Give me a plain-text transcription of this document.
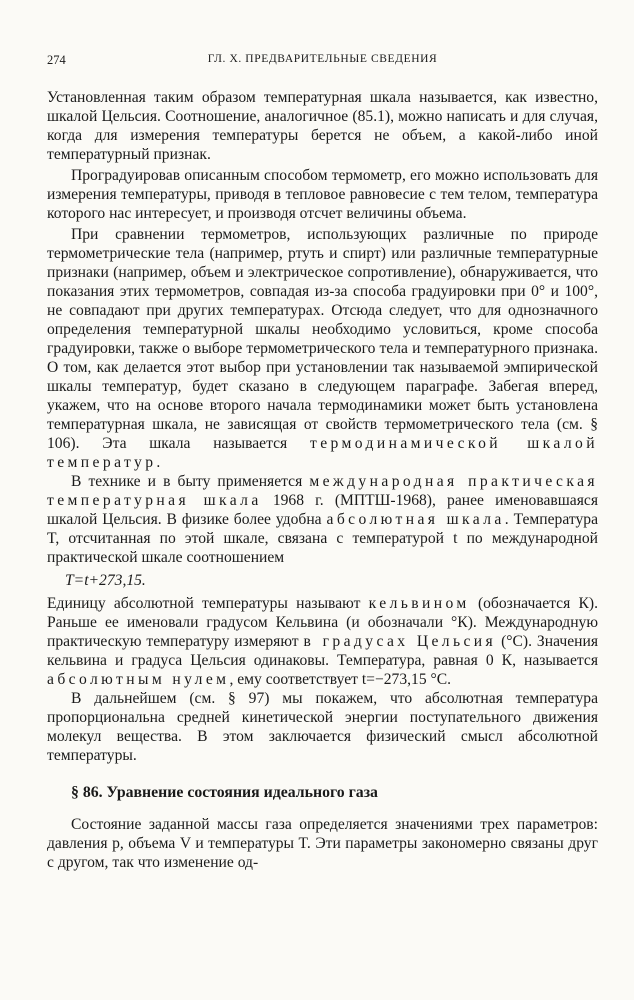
274	ГЛ. X. ПРЕДВАРИТЕЛЬНЫЕ СВЕДЕНИЯ

Установленная таким образом температурная шкала называется, как известно, шкалой Цельсия. Соотношение, аналогичное (85.1), можно написать и для случая, когда для измерения температуры берется не объем, а какой-либо иной температурный признак.

Проградуировав описанным способом термометр, его можно использовать для измерения температуры, приводя в тепловое равновесие с тем телом, температура которого нас интересует, и производя отсчет величины объема.

При сравнении термометров, использующих различные по природе термометрические тела (например, ртуть и спирт) или различные температурные признаки (например, объем и электрическое сопротивление), обнаруживается, что показания этих термометров, совпадая из-за способа градуировки при 0° и 100°, не совпадают при других температурах. Отсюда следует, что для однозначного определения температурной шкалы необходимо условиться, кроме способа градуировки, также о выборе термометрического тела и температурного признака. О том, как делается этот выбор при установлении так называемой эмпирической шкалы температур, будет сказано в следующем параграфе. Забегая вперед, укажем, что на основе второго начала термодинамики может быть установлена температурная шкала, не зависящая от свойств термометрического тела (см. § 106). Эта шкала называется термодинамической шкалой температур.

В технике и в быту применяется международная практическая температурная шкала 1968 г. (МПТШ-1968), ранее именовавшаяся шкалой Цельсия. В физике более удобна абсолютная шкала. Температура T, отсчитанная по этой шкале, связана с температурой t по международной практической шкале соотношением

T=t+273,15.

Единицу абсолютной температуры называют кельвином (обозначается К). Раньше ее именовали градусом Кельвина (и обозначали °К). Международную практическую температуру измеряют в градусах Цельсия (°С). Значения кельвина и градуса Цельсия одинаковы. Температура, равная 0 К, называется абсолютным нулем, ему соответствует t=−273,15 °С.

В дальнейшем (см. § 97) мы покажем, что абсолютная температура пропорциональна средней кинетической энергии поступательного движения молекул вещества. В этом заключается физический смысл абсолютной температуры.

§ 86. Уравнение состояния идеального газа

Состояние заданной массы газа определяется значениями трех параметров: давления p, объема V и температуры T. Эти параметры закономерно связаны друг с другом, так что изменение од-
